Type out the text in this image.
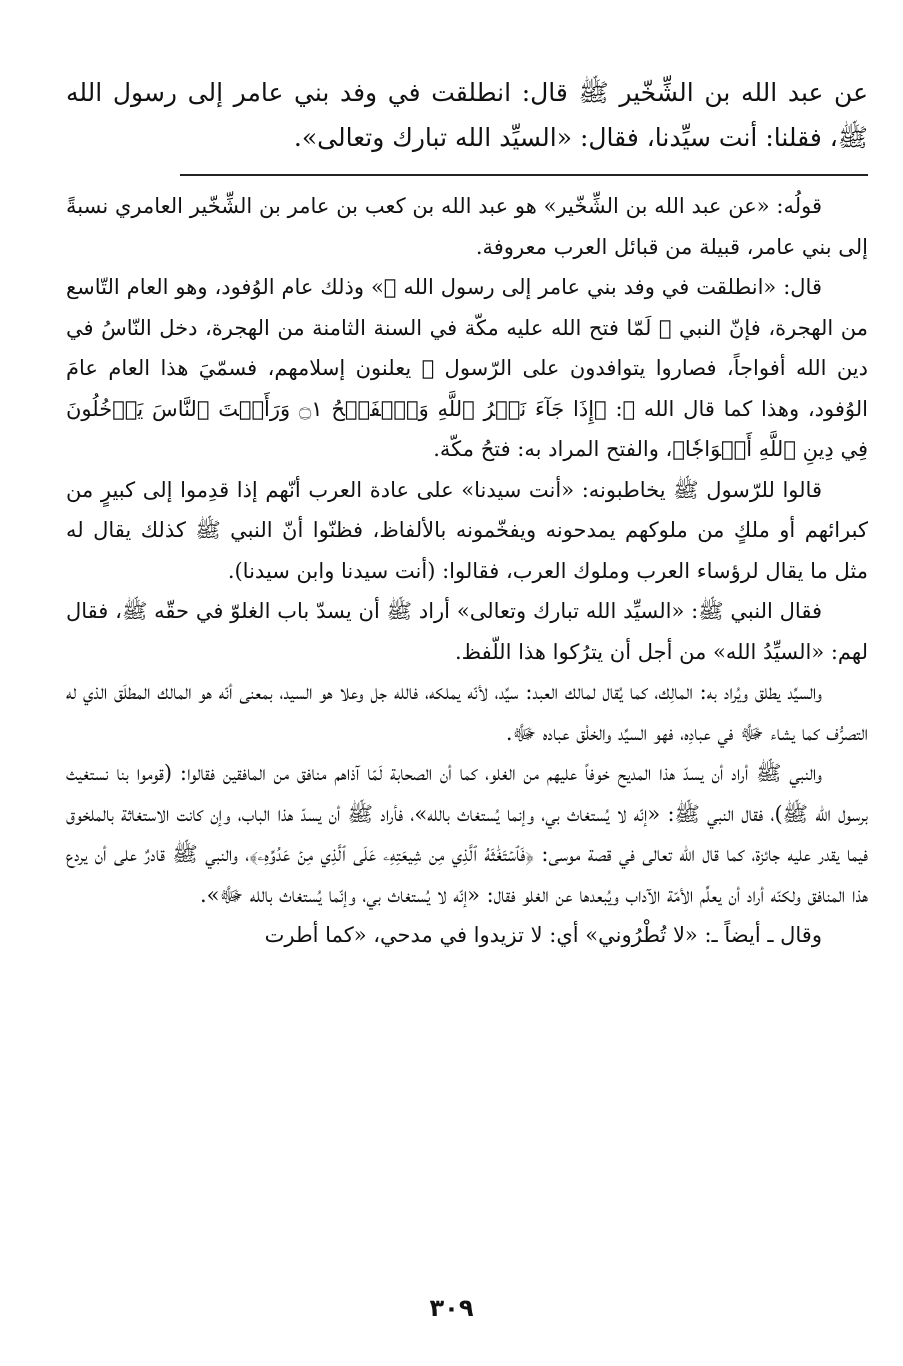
عن عبد الله بن الشِّخّير ﷺ قال: انطلقت في وفد بني عامر إلى رسول الله ﷺ، فقلنا: أنت سيِّدنا، فقال: «السيِّد الله تبارك وتعالى».

قولُه: «عن عبد الله بن الشِّخّير» هو عبد الله بن كعب بن عامر بن الشِّخّير العامري نسبةً إلى بني عامر، قبيلة من قبائل العرب معروفة.

قال: «انطلقت في وفد بني عامر إلى رسول الله ﷺ» وذلك عام الوُفود، وهو العام التّاسع من الهجرة، فإنّ النبي ﷺ لَمّا فتح الله عليه مكّة في السنة الثامنة من الهجرة، دخل النّاسُ في دين الله أفواجاً، فصاروا يتوافدون على الرّسول ﷺ يعلنون إسلامهم، فسمّيَ هذا العام عامَ الوُفود، وهذا كما قال الله ﷻ: ﴿إِذَا جَآءَ نَصۡرُ ٱللَّهِ وَٱلۡفَتۡحُ ۝١ وَرَأَيۡتَ ٱلنَّاسَ يَدۡخُلُونَ فِي دِينِ ٱللَّهِ أَفۡوَاجٗا﴾، والفتح المراد به: فتحُ مكّة.

قالوا للرّسول ﷺ يخاطبونه: «أنت سيدنا» على عادة العرب أنّهم إذا قدِموا إلى كبيرٍ من كبرائهم أو ملكٍ من ملوكهم يمدحونه ويفخّمونه بالألفاظ، فظنّوا أنّ النبي ﷺ كذلك يقال له مثل ما يقال لرؤساء العرب وملوك العرب، فقالوا: (أنت سيدنا وابن سيدنا).

فقال النبي ﷺ: «السيِّد الله تبارك وتعالى» أراد ﷺ أن يسدّ باب الغلوّ في حقّه ﷺ، فقال لهم: «السيِّدُ الله» من أجل أن يترُكوا هذا اللّفظ.

والسيِّد يطلق ويُراد به: المالِك، كما يُقال لمالك العبد: سيِّد، لأنّه يملكه، فالله جل وعلا هو السيد، بمعنى أنّه هو المالك المطلَق الذي له التصرُّف كما يشاء ﷻ في عبادِه، فهو السيِّد والخلْق عباده ﷻ.

والنبي ﷺ أراد أن يسدّ هذا المديح خوفاً عليهم من الغلو، كما أن الصحابة لَمّا آذاهم منافق من المافقين فقالوا: (قوموا بنا نستغيث برسول الله ﷺ)، فقال النبي ﷺ: «إنّه لا يُستغاث بي، وإنما يُستغاث بالله»، فأراد ﷺ أن يسدّ هذا الباب، وإن كانت الاستغاثة بالملخوق فيما يقدر عليه جائزة، كما قال الله تعالى في قصة موسى: ﴿فَٱسۡتَغَٰثَهُ ٱلَّذِي مِن شِيعَتِهِۦ عَلَى ٱلَّذِي مِنۡ عَدُوِّهِۦ﴾، والنبي ﷺ قادرٌ على أن يردع هذا المنافق ولكنّه أراد أن يعلِّم الأمّة الآداب ويُبعدها عن الغلو فقال: «إنّه لا يُستغاث بي، وإنّما يُستغاث بالله ﷻ».

وقال ـ أيضاً ـ: «لا تُطْرُوني» أي: لا تزيدوا في مدحي، «كما أطرت

٣٠٩
